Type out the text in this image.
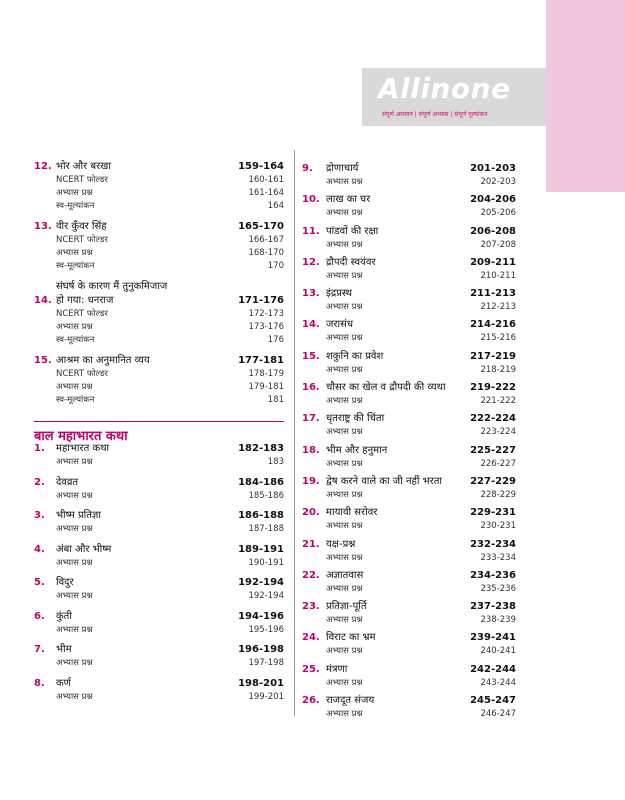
Allinone
संपूर्ण अध्ययन | संपूर्ण अभ्यास | संपूर्ण मूल्यांकन
12. भोर और बरखा	159-164
NCERT फोल्डर	160-161
अभ्यास प्रश्न	161-164
स्व-मूल्यांकन	164
13. वीर कुँवर सिंह	165-170
NCERT फोल्डर	166-167
अभ्यास प्रश्न	168-170
स्व-मूल्यांकन	170
14.
संघर्ष के कारण मैं तुनुकमिजाज
हो गया: धनराज	171-176
NCERT फोल्डर	172-173
अभ्यास प्रश्न	173-176
स्व-मूल्यांकन	176
15. आश्रम का अनुमानित व्यय	177-181
NCERT फोल्डर	178-179
अभ्यास प्रश्न	179-181
स्व-मूल्यांकन	181
बाल महाभारत कथा
1.	महाभारत कथा	182-183
अभ्यास प्रश्न	183
2.	देवव्रत	184-186
अभ्यास प्रश्न	185-186
3.	भीष्म प्रतिज्ञा	186-188
अभ्यास प्रश्न	187-188
4.	अंबा और भीष्म	189-191
अभ्यास प्रश्न	190-191
5.	विदुर	192-194
अभ्यास प्रश्न	192-194
6.	कुंती	194-196
अभ्यास प्रश्न	195-196
7.	भीम	196-198
अभ्यास प्रश्न	197-198
8.	कर्ण	198-201
अभ्यास प्रश्न	199-201
9.	द्रोणाचार्य	201-203
अभ्यास प्रश्न	202-203
10. लाख का घर	204-206
अभ्यास प्रश्न	205-206
11. पांडवों की रक्षा	206-208
अभ्यास प्रश्न	207-208
12. द्रौपदी स्वयंवर	209-211
अभ्यास प्रश्न	210-211
13. इंद्रप्रस्थ	211-213
अभ्यास प्रश्न	212-213
14. जरासंध	214-216
अभ्यास प्रश्न	215-216
15. शकुनि का प्रवेश	217-219
अभ्यास प्रश्न	218-219
16. चौसर का खेल व द्रौपदी की व्यथा	219-222
अभ्यास प्रश्न	221-222
17. धृतराष्ट्र की चिंता	222-224
अभ्यास प्रश्न	223-224
18. भीम और हनुमान	225-227
अभ्यास प्रश्न	226-227
19. द्वेष करने वाले का जी नहीं भरता	227-229
अभ्यास प्रश्न	228-229
20. मायावी सरोवर	229-231
अभ्यास प्रश्न	230-231
21. यक्ष-प्रश्न	232-234
अभ्यास प्रश्न	233-234
22. अज्ञातवास	234-236
अभ्यास प्रश्न	235-236
23. प्रतिज्ञा-पूर्ति	237-238
अभ्यास प्रश्न	238-239
24. विराट का भ्रम	239-241
अभ्यास प्रश्न	240-241
25. मंत्रणा	242-244
अभ्यास प्रश्न	243-244
26. राजदूत संजय	245-247
अभ्यास प्रश्न	246-247
